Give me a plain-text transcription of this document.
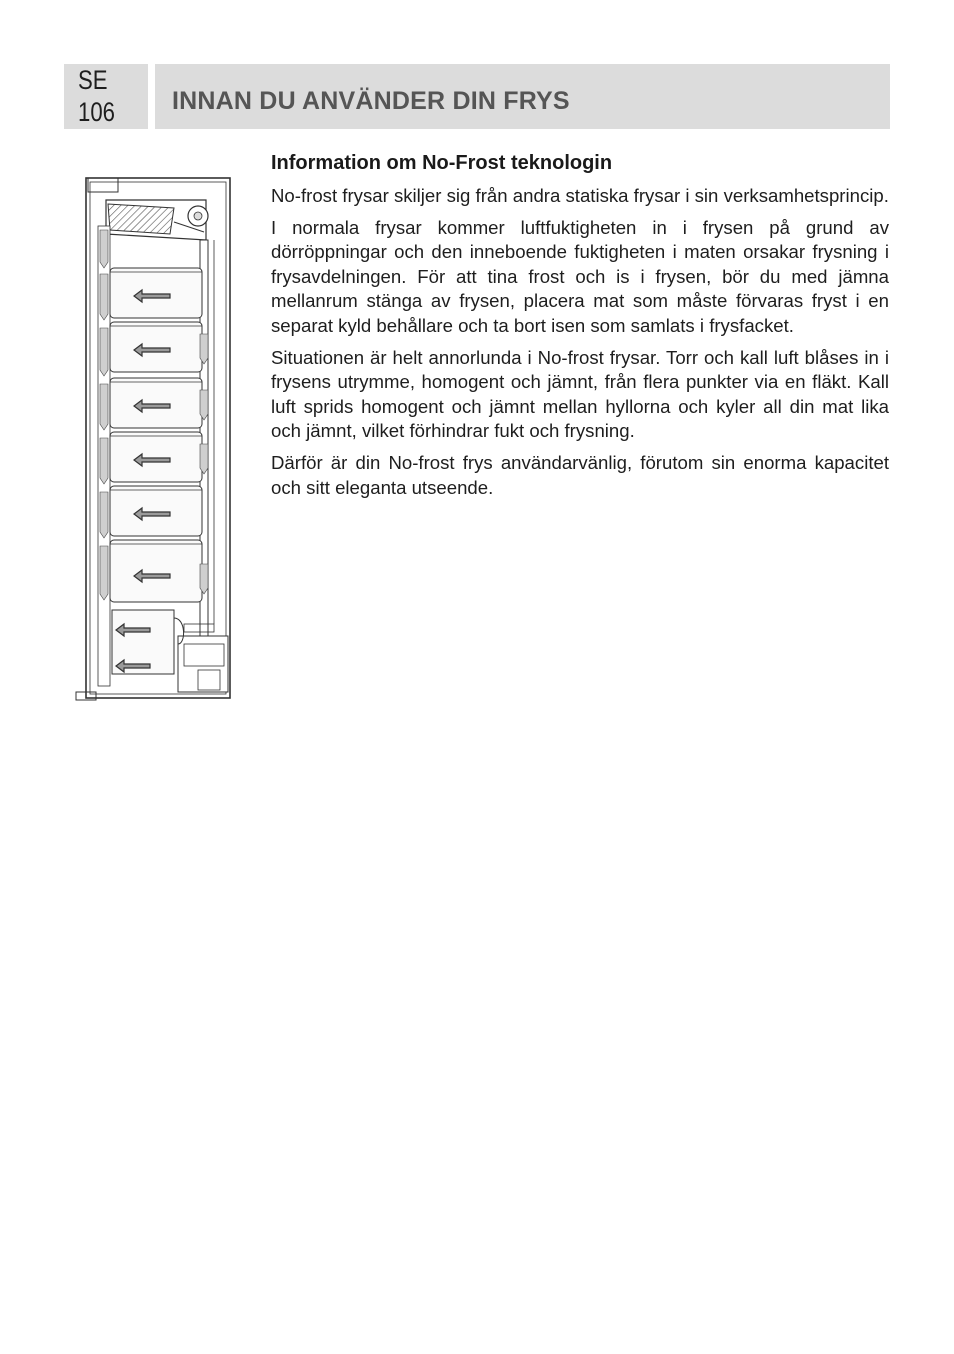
SE
106 INNAN DU ANVÄNDER DIN FRYS
Information om No-Frost teknologin

No-frost frysar skiljer sig från andra statiska frysar i sin verksamhetsprincip.

I normala frysar kommer luftfuktigheten in i frysen på grund av dörröppningar och den inneboende fuktigheten i maten orsakar frysning i frysavdelningen. För att tina frost och is i frysen, bör du med jämna mellanrum stänga av frysen, placera mat som måste förvaras fryst i en separat kyld behållare och ta bort isen som samlats i frysfacket.

Situationen är helt annorlunda i No-frost frysar. Torr och kall luft blåses in i frysens utrymme, homogent och jämnt, från flera punkter via en fläkt. Kall luft sprids homogent och jämnt mellan hyllorna och kyler all din mat lika och jämnt, vilket förhindrar fukt och frysning.

Därför är din No-frost frys användarvänlig, förutom sin enorma kapacitet och sitt eleganta utseende.
